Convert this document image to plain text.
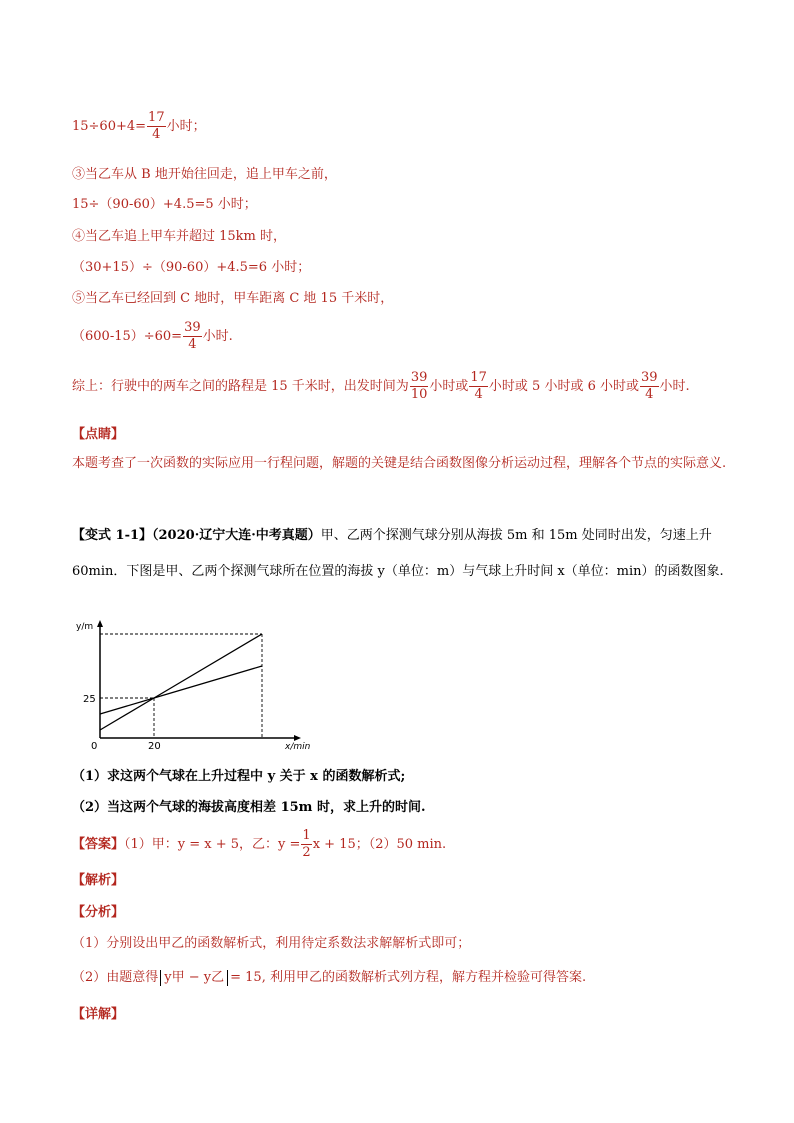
$15\div 60+4= \frac{17}{4}$ 小时；
③当乙车从 B 地开始往回走，追上甲车之前，
15÷（90-60）+4.5=5 小时；
④当乙车追上甲车并超过 15km 时，
（30+15）÷（90-60）+4.5=6 小时；
⑤当乙车已经回到 C 地时，甲车距离 C 地 15 千米时，
$(600-15)\div 60= \frac{39}{4}$ 小时.
综上：行驶中的两车之间的路程是 15 千米时，出发时间为 $\frac{39}{10}$ 小时或 $\frac{17}{4}$ 小时或 5 小时或 6 小时或 $\frac{39}{4}$ 小时.
【点睛】
本题考查了一次函数的实际应用一行程问题，解题的关键是结合函数图像分析运动过程，理解各个节点的实际意义.
【变式 1-1】（2020·辽宁大连·中考真题）甲、乙两个探测气球分别从海拔 5m 和 15m 处同时出发，匀速上升 60min．下图是甲、乙两个探测气球所在位置的海拔 y（单位：m）与气球上升时间 x（单位：min）的函数图象.
y/m
x/min
0
25
20
（1）求这两个气球在上升过程中 y 关于 x 的函数解析式;
（2）当这两个气球的海拔高度相差 15m 时，求上升的时间.
【答案】（1）甲：y = x + 5，乙：$y = \frac{1}{2}$ x + 15；（2）50 min.
【解析】
【分析】
（1）分别设出甲乙的函数解析式，利用待定系数法求解解析式即可；
（2）由题意得 y甲 − y乙 = 15, 利用甲乙的函数解析式列方程，解方程并检验可得答案.
【详解】
